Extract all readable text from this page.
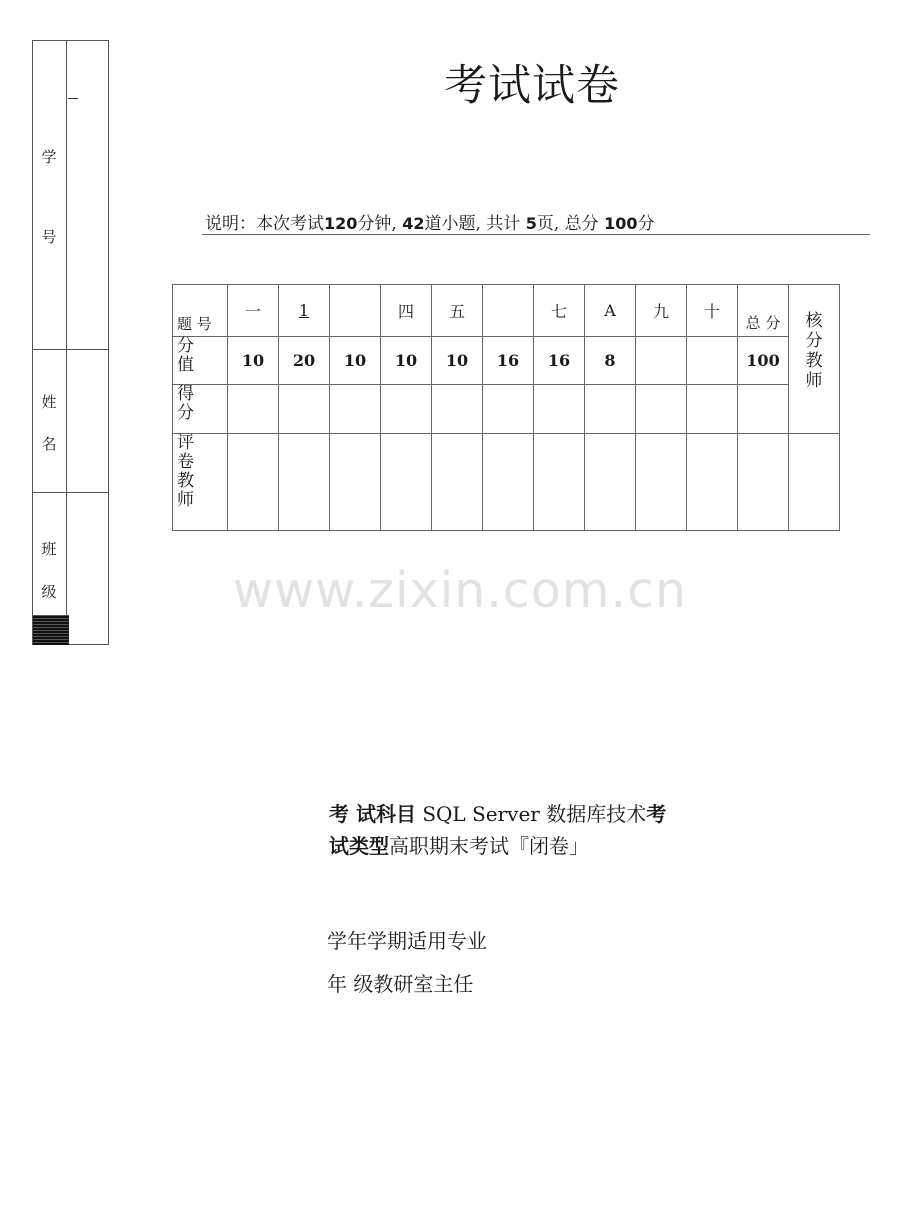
学
号
姓
名
班
级
考试试卷
说明：本次考试120分钟, 42道小题, 共计 5页, 总分 100分
题 号	一	1		四	五		七	A	九	十	总 分	核分教师

分值	10	20	10	10	10	16	16	8			100	

得分												

评卷教师												

www.zixin.com.cn
考 试科目 SQL Server 数据库技术考
试类型高职期末考试『闭卷」
学年学期适用专业
年 级教研室主任
